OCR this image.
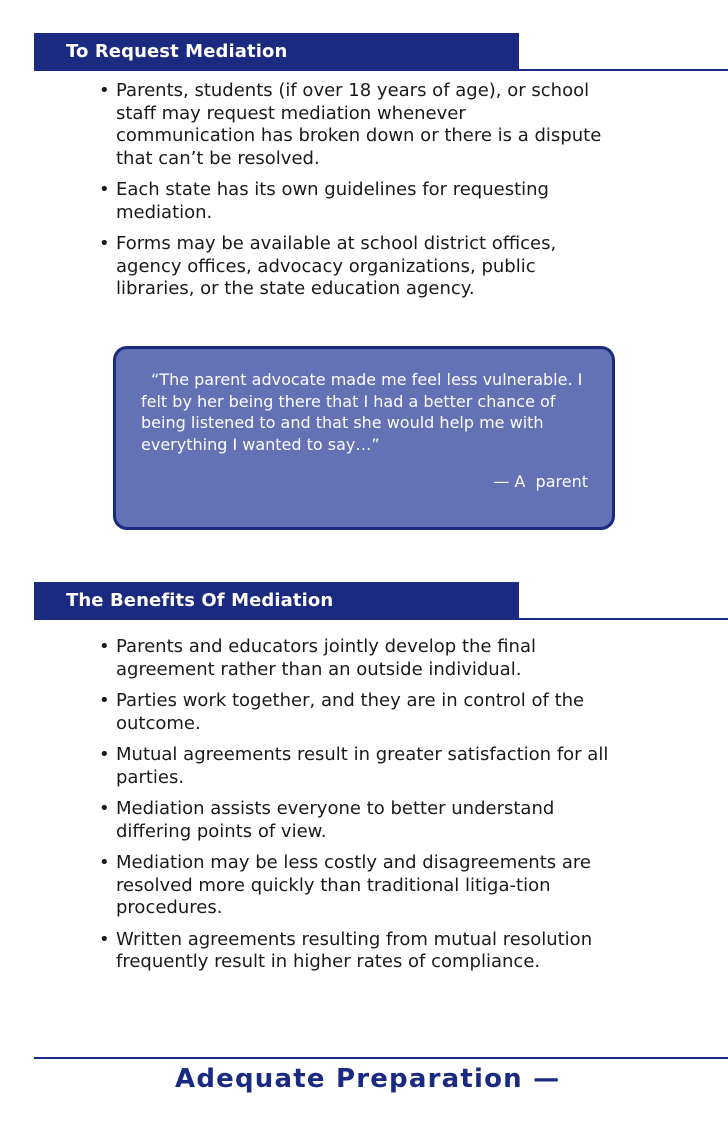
To Request Mediation
• Parents, students (if over 18 years of age), or school staff may request mediation whenever communication has broken down or there is a dispute that can’t be resolved.
• Each state has its own guidelines for requesting mediation.
• Forms may be available at school district offices, agency offices, advocacy organizations, public libraries, or the state education agency.

“The parent advocate made me feel less vulnerable. I felt by her being there that I had a better chance of being listened to and that she would help me with everything I wanted to say…”

— A  parent
The Benefits Of Mediation
• Parents and educators jointly develop the final agreement rather than an outside individual.
• Parties work together, and they are in control of the outcome.
• Mutual agreements result in greater satisfaction for all parties.
• Mediation assists everyone to better understand differing points of view.
• Mediation may be less costly and disagreements are resolved more quickly than traditional litiga-tion procedures.
• Written agreements resulting from mutual resolution frequently result in higher rates of compliance.
Adequate Preparation —
